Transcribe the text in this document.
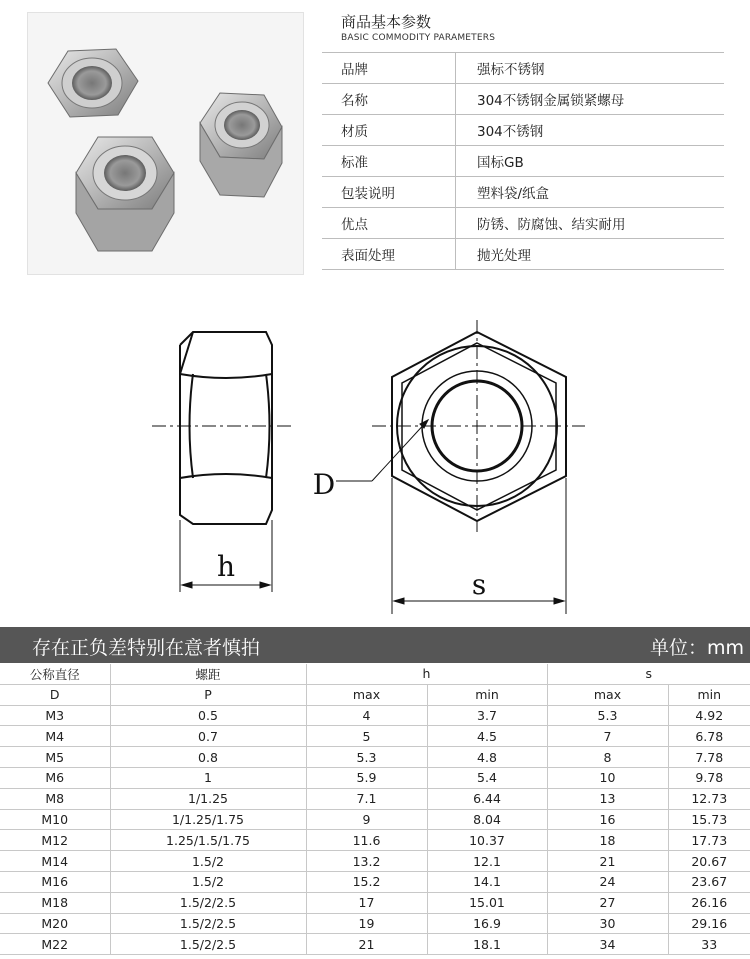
商品基本参数
BASIC COMMODITY PARAMETERS
品牌	强标不锈钢
名称	304不锈钢金属锁紧螺母
材质	304不锈钢
标准	国标GB
包装说明	塑料袋/纸盒
优点	防锈、防腐蚀、结实耐用
表面处理	抛光处理
h
D
s
存在正负差特别在意者慎拍	单位：mm
公称直径	螺距	h		s	
D	P	max	min	max	min
M3	0.5	4	3.7	5.3	4.92
M4	0.7	5	4.5	7	6.78
M5	0.8	5.3	4.8	8	7.78
M6	1	5.9	5.4	10	9.78
M8	1/1.25	7.1	6.44	13	12.73
M10	1/1.25/1.75	9	8.04	16	15.73
M12	1.25/1.5/1.75	11.6	10.37	18	17.73
M14	1.5/2	13.2	12.1	21	20.67
M16	1.5/2	15.2	14.1	24	23.67
M18	1.5/2/2.5	17	15.01	27	26.16
M20	1.5/2/2.5	19	16.9	30	29.16
M22	1.5/2/2.5	21	18.1	34	33
